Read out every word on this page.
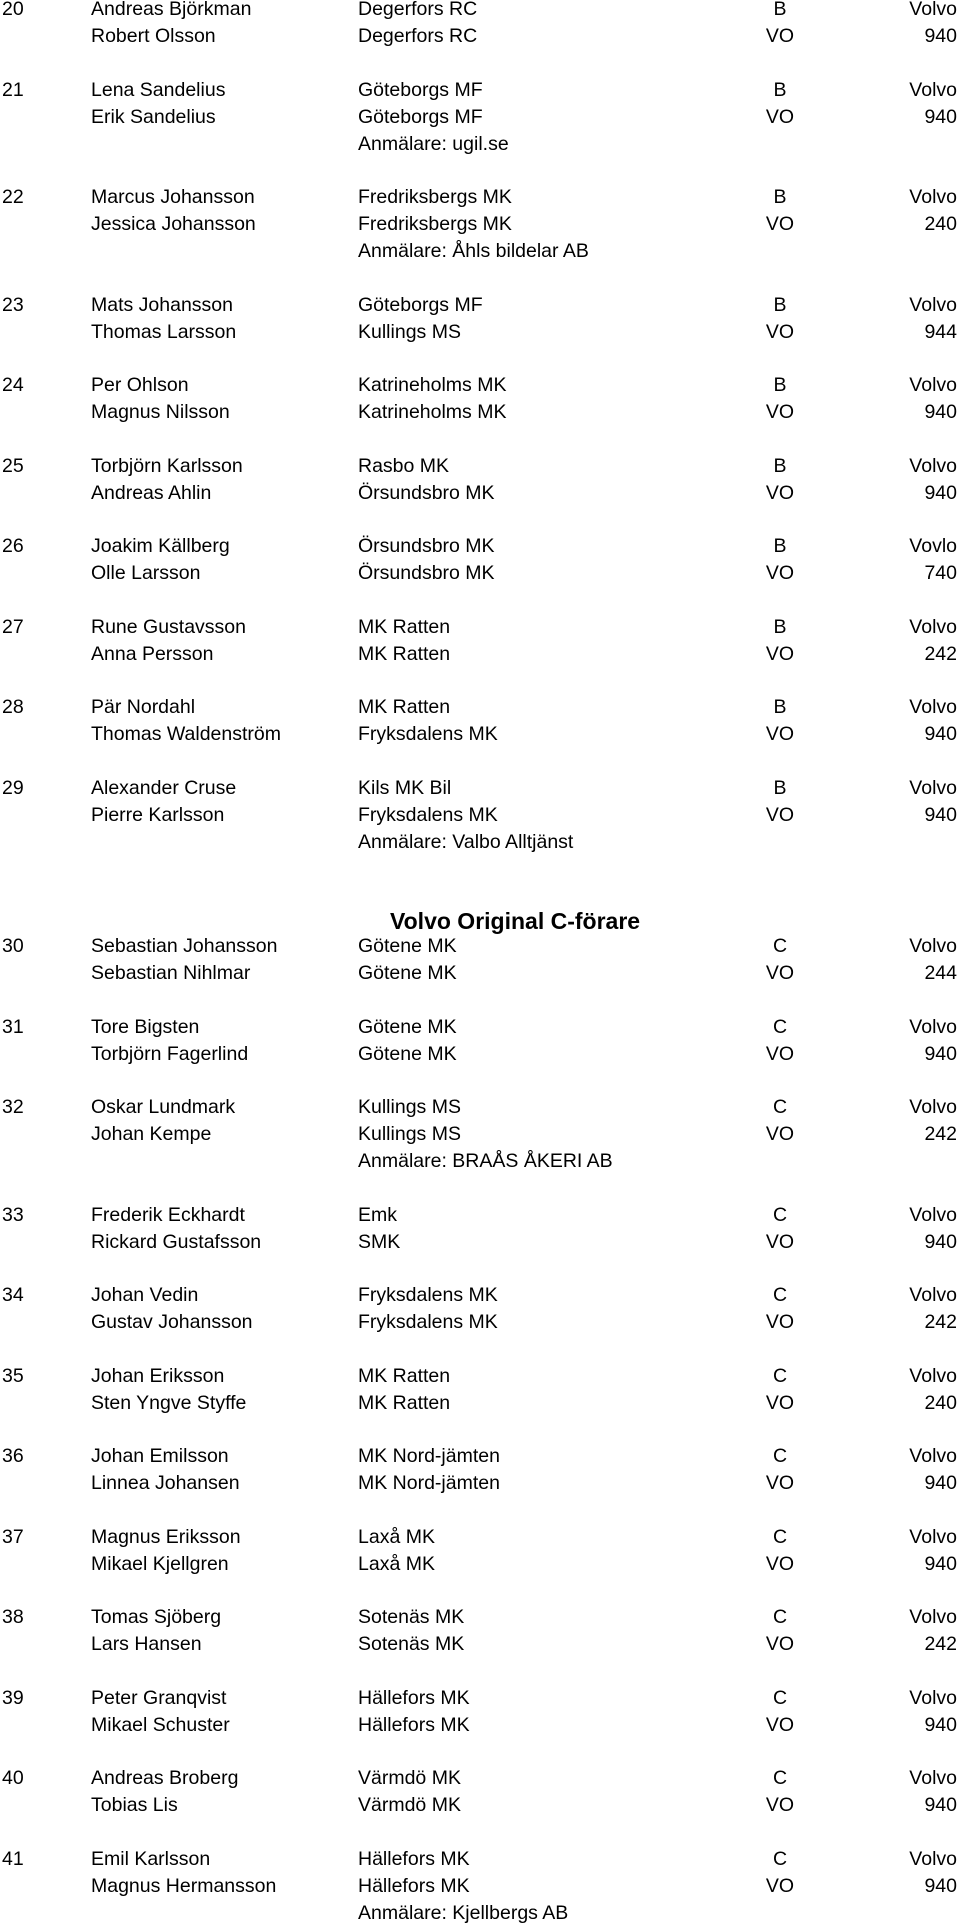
20	Andreas Björkman	Degerfors RC	B	Volvo
Robert Olsson	Degerfors RC	VO	940
21	Lena Sandelius	Göteborgs MF	B	Volvo
Erik Sandelius	Göteborgs MF	VO	940
Anmälare: ugil.se
22	Marcus Johansson	Fredriksbergs MK	B	Volvo
Jessica Johansson	Fredriksbergs MK	VO	240
Anmälare: Åhls bildelar AB
23	Mats Johansson	Göteborgs MF	B	Volvo
Thomas Larsson	Kullings MS	VO	944
24	Per Ohlson	Katrineholms MK	B	Volvo
Magnus Nilsson	Katrineholms MK	VO	940
25	Torbjörn Karlsson	Rasbo MK	B	Volvo
Andreas Ahlin	Örsundsbro MK	VO	940
26	Joakim Källberg	Örsundsbro MK	B	Vovlo
Olle Larsson	Örsundsbro MK	VO	740
27	Rune Gustavsson	MK Ratten	B	Volvo
Anna Persson	MK Ratten	VO	242
28	Pär Nordahl	MK Ratten	B	Volvo
Thomas Waldenström	Fryksdalens MK	VO	940
29	Alexander Cruse	Kils MK Bil	B	Volvo
Pierre Karlsson	Fryksdalens MK	VO	940
Anmälare: Valbo Alltjänst
Volvo Original C-förare
30	Sebastian Johansson	Götene MK	C	Volvo
Sebastian Nihlmar	Götene MK	VO	244
31	Tore Bigsten	Götene MK	C	Volvo
Torbjörn Fagerlind	Götene MK	VO	940
32	Oskar Lundmark	Kullings MS	C	Volvo
Johan Kempe	Kullings MS	VO	242
Anmälare: BRAÅS ÅKERI AB
33	Frederik Eckhardt	Emk	C	Volvo
Rickard Gustafsson	SMK	VO	940
34	Johan Vedin	Fryksdalens MK	C	Volvo
Gustav Johansson	Fryksdalens MK	VO	242
35	Johan Eriksson	MK Ratten	C	Volvo
Sten Yngve Styffe	MK Ratten	VO	240
36	Johan Emilsson	MK Nord-jämten	C	Volvo
Linnea Johansen	MK Nord-jämten	VO	940
37	Magnus Eriksson	Laxå MK	C	Volvo
Mikael Kjellgren	Laxå MK	VO	940
38	Tomas Sjöberg	Sotenäs MK	C	Volvo
Lars Hansen	Sotenäs MK	VO	242
39	Peter Granqvist	Hällefors MK	C	Volvo
Mikael Schuster	Hällefors MK	VO	940
40	Andreas Broberg	Värmdö MK	C	Volvo
Tobias Lis	Värmdö MK	VO	940
41	Emil Karlsson	Hällefors MK	C	Volvo
Magnus Hermansson	Hällefors MK	VO	940
Anmälare: Kjellbergs AB
